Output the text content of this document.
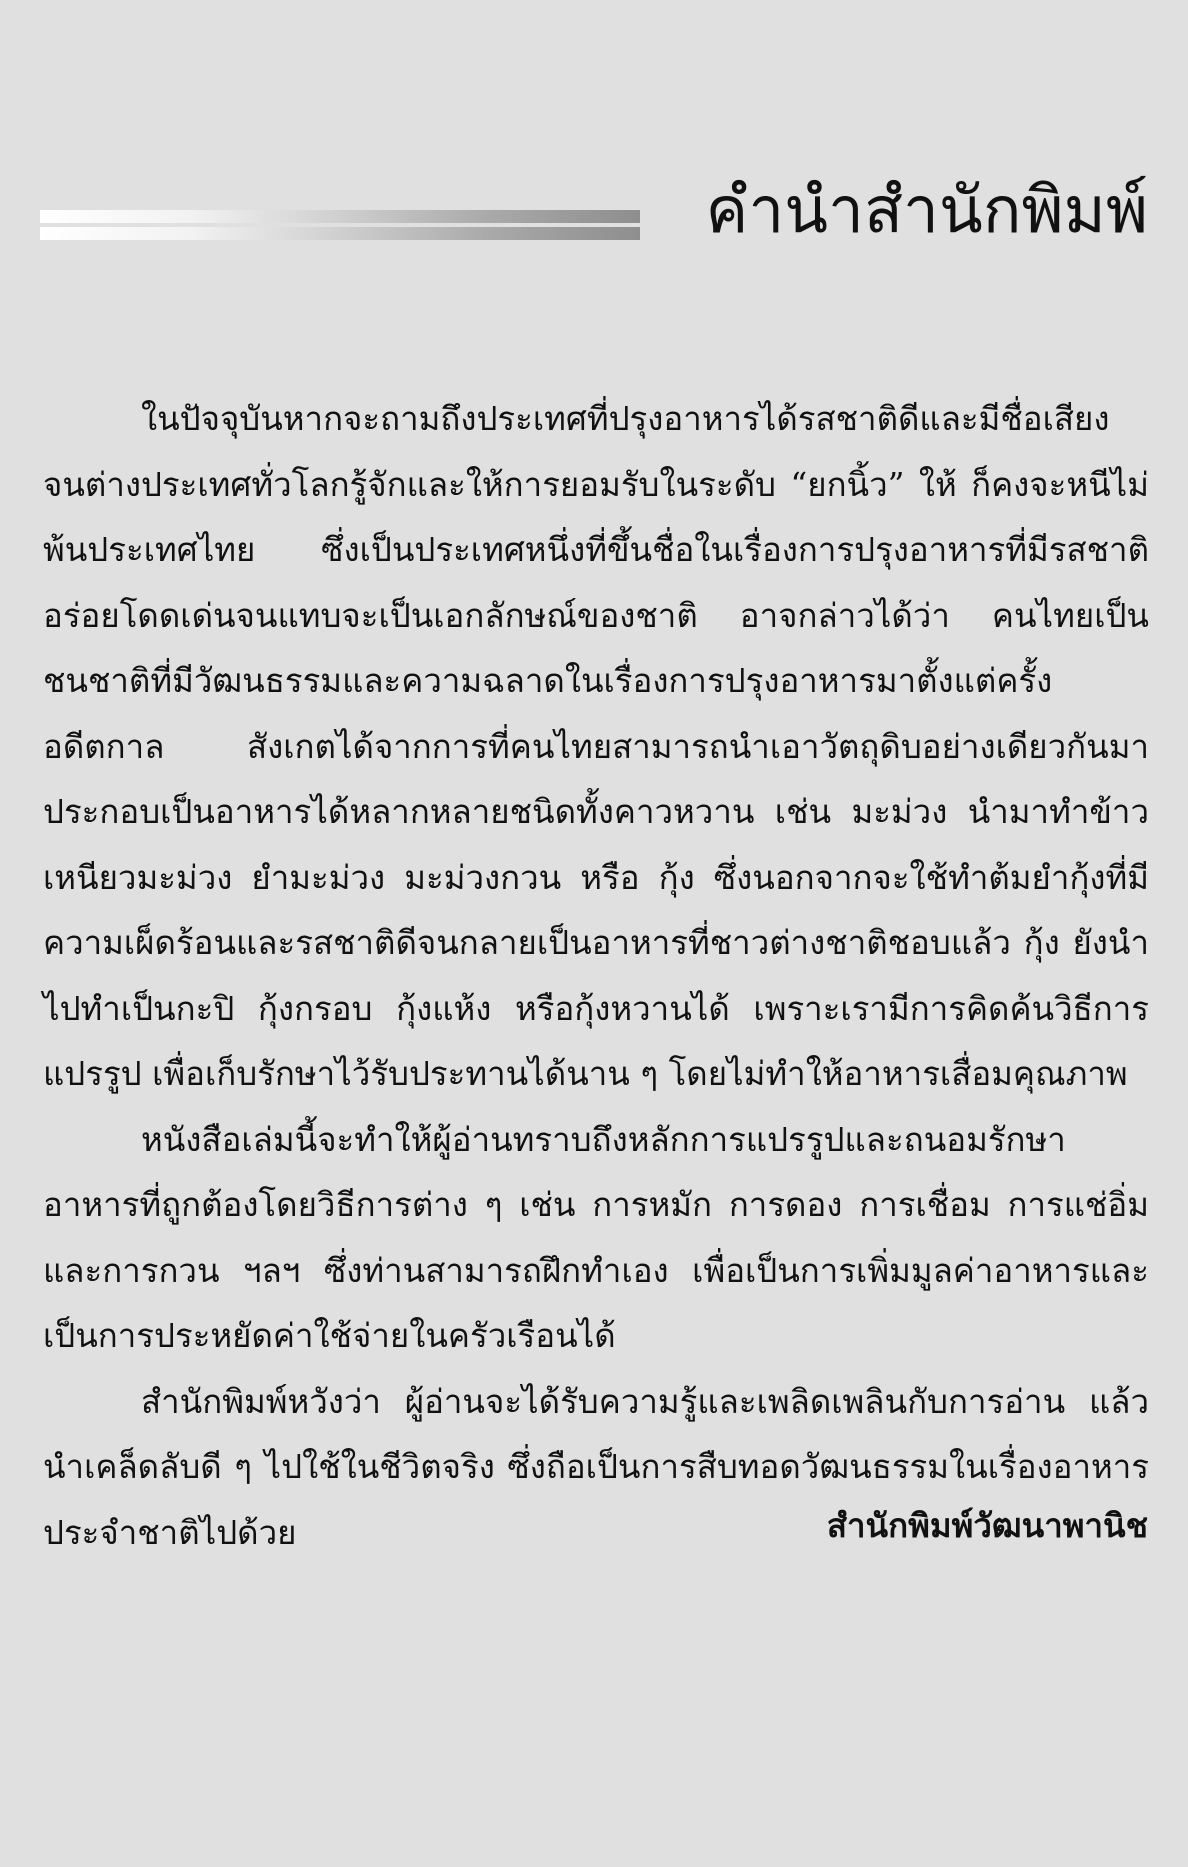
คำนำสำนักพิมพ์

ในปัจจุบันหากจะถามถึงประเทศที่ปรุงอาหารได้รสชาติดีและมีชื่อเสียง จนต่างประเทศทั่วโลกรู้จักและให้การยอมรับในระดับ “ยกนิ้ว” ให้ ก็คงจะหนีไม่พ้นประเทศไทย ซึ่งเป็นประเทศหนึ่งที่ขึ้นชื่อในเรื่องการปรุงอาหารที่มีรสชาติอร่อยโดดเด่นจนแทบจะเป็นเอกลักษณ์ของชาติ อาจกล่าวได้ว่า คนไทยเป็นชนชาติที่มีวัฒนธรรมและความฉลาดในเรื่องการปรุงอาหารมาตั้งแต่ครั้งอดีตกาล สังเกตได้จากการที่คนไทยสามารถนำเอาวัตถุดิบอย่างเดียวกันมาประกอบเป็นอาหารได้หลากหลายชนิดทั้งคาวหวาน เช่น มะม่วง นำมาทำข้าวเหนียวมะม่วง ยำมะม่วง มะม่วงกวน หรือ กุ้ง ซึ่งนอกจากจะใช้ทำต้มยำกุ้งที่มีความเผ็ดร้อนและรสชาติดีจนกลายเป็นอาหารที่ชาวต่างชาติชอบแล้ว กุ้ง ยังนำไปทำเป็นกะปิ กุ้งกรอบ กุ้งแห้ง หรือกุ้งหวานได้ เพราะเรามีการคิดค้นวิธีการแปรรูป เพื่อเก็บรักษาไว้รับประทานได้นาน ๆ โดยไม่ทำให้อาหารเสื่อมคุณภาพ

หนังสือเล่มนี้จะทำให้ผู้อ่านทราบถึงหลักการแปรรูปและถนอมรักษาอาหารที่ถูกต้องโดยวิธีการต่าง ๆ เช่น การหมัก การดอง การเชื่อม การแช่อิ่ม และการกวน ฯลฯ ซึ่งท่านสามารถฝึกทำเอง เพื่อเป็นการเพิ่มมูลค่าอาหารและเป็นการประหยัดค่าใช้จ่ายในครัวเรือนได้

สำนักพิมพ์หวังว่า ผู้อ่านจะได้รับความรู้และเพลิดเพลินกับการอ่าน แล้วนำเคล็ดลับดี ๆ ไปใช้ในชีวิตจริง ซึ่งถือเป็นการสืบทอดวัฒนธรรมในเรื่องอาหารประจำชาติไปด้วย	สำนักพิมพ์วัฒนาพานิช
